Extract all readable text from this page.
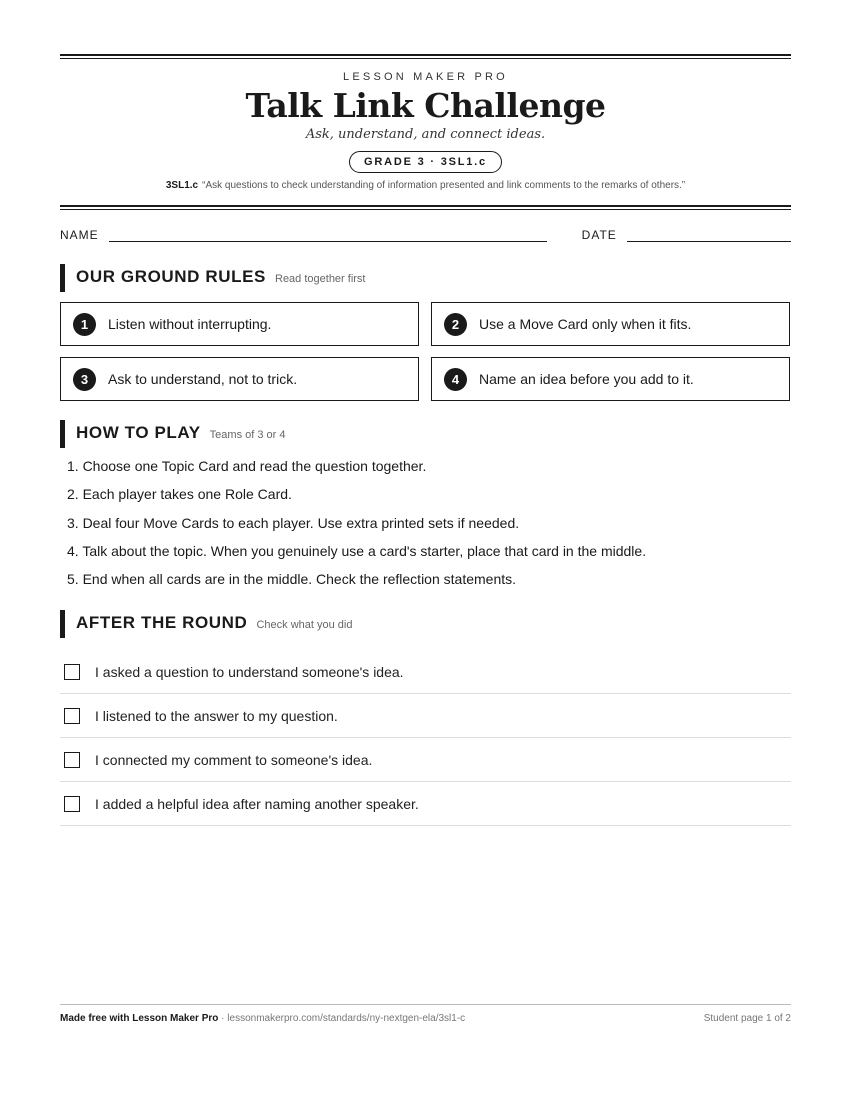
LESSON MAKER PRO
Talk Link Challenge
Ask, understand, and connect ideas.
GRADE 3 · 3SL1.c
3SL1.c “Ask questions to check understanding of information presented and link comments to the remarks of others.”
NAME	DATE
OUR GROUND RULES Read together first
1	Listen without interrupting.	2	Use a Move Card only when it fits.
3	Ask to understand, not to trick.	4	Name an idea before you add to it.
HOW TO PLAY Teams of 3 or 4
1. Choose one Topic Card and read the question together.
2. Each player takes one Role Card.
3. Deal four Move Cards to each player. Use extra printed sets if needed.
4. Talk about the topic. When you genuinely use a card's starter, place that card in the middle.
5. End when all cards are in the middle. Check the reflection statements.
AFTER THE ROUND Check what you did
I asked a question to understand someone's idea.
I listened to the answer to my question.
I connected my comment to someone's idea.
I added a helpful idea after naming another speaker.
Made free with Lesson Maker Pro · lessonmakerpro.com/standards/ny-nextgen-ela/3sl1-c	Student page 1 of 2
